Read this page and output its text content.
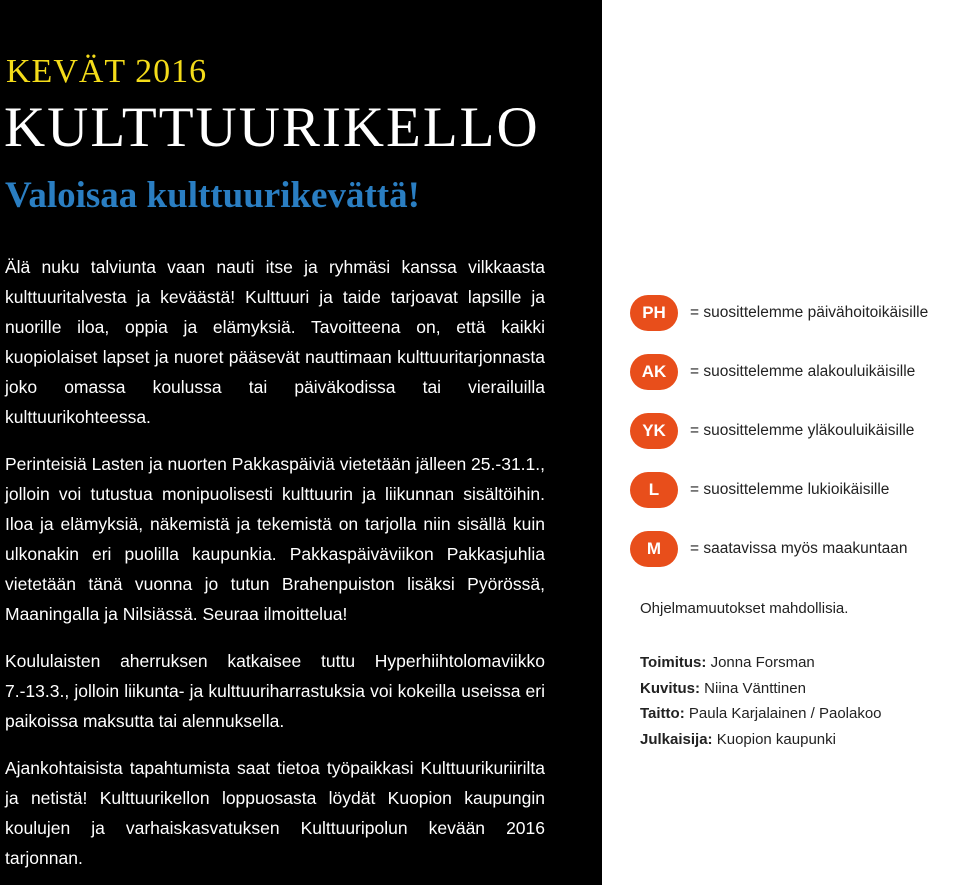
KEVÄT 2016
KULTTUURIKELLO
Valoisaa kulttuurikevättä!

Älä nuku talviunta vaan nauti itse ja ryhmäsi kanssa vilkkaasta kulttuuritalvesta ja keväästä! Kulttuuri ja taide tarjoavat lapsille ja nuorille iloa, oppia ja elämyksiä. Tavoitteena on, että kaikki kuopiolaiset lapset ja nuoret pääsevät nauttimaan kulttuuritarjonnasta joko omassa koulussa tai päiväkodissa tai vierailuilla kulttuurikohteessa.

Perinteisiä Lasten ja nuorten Pakkaspäiviä vietetään jälleen 25.-31.1., jolloin voi tutustua monipuolisesti kulttuurin ja liikunnan sisältöihin. Iloa ja elämyksiä, näkemistä ja tekemistä on tarjolla niin sisällä kuin ulkonakin eri puolilla kaupunkia. Pakkaspäiväviikon Pakkasjuhlia vietetään tänä vuonna jo tutun Brahenpuiston lisäksi Pyörössä, Maaningalla ja Nilsiässä. Seuraa ilmoittelua!

Koululaisten aherruksen katkaisee tuttu Hyperhiihtolomaviikko 7.-13.3., jolloin liikunta- ja kulttuuriharrastuksia voi kokeilla useissa eri paikoissa maksutta tai alennuksella.

Ajankohtaisista tapahtumista saat tietoa työpaikkasi Kulttuurikuriirilta ja netistä! Kulttuurikellon loppuosasta löydät Kuopion kaupungin koulujen ja varhaiskasvatuksen Kulttuuripolun kevään 2016 tarjonnan.

PH	= suosittelemme päivähoitoikäisille
AK	= suosittelemme alakouluikäisille
YK	= suosittelemme yläkouluikäisille
L	= suosittelemme lukioikäisille
M	= saatavissa myös maakuntaan

Ohjelmamuutokset mahdollisia.

Toimitus: Jonna Forsman
Kuvitus: Niina Vänttinen
Taitto: Paula Karjalainen / Paolakoo
Julkaisija: Kuopion kaupunki
